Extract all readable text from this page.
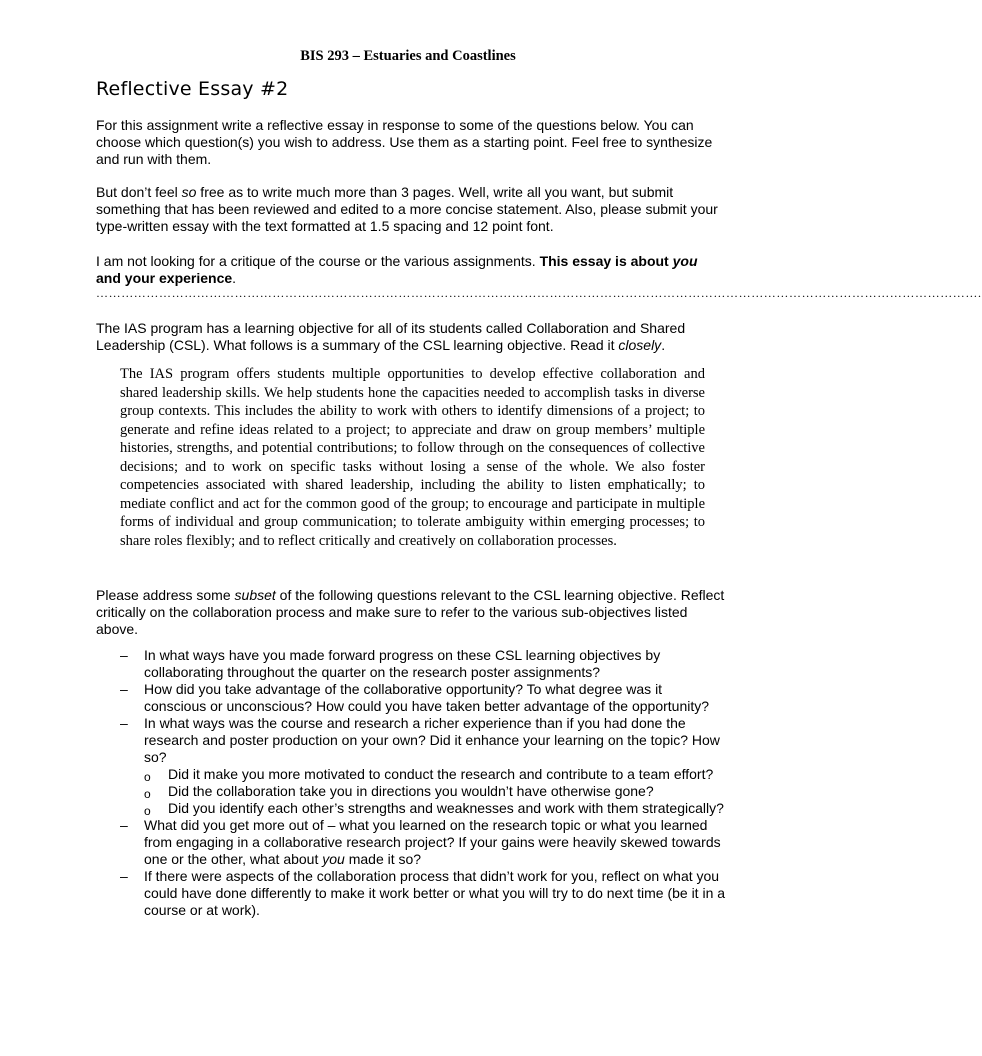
BIS 293 – Estuaries and Coastlines
Reflective Essay #2

For this assignment write a reflective essay in response to some of the questions below. You can choose which question(s) you wish to address. Use them as a starting point. Feel free to synthesize and run with them.

But don’t feel so free as to write much more than 3 pages. Well, write all you want, but submit something that has been reviewed and edited to a more concise statement. Also, please submit your type-written essay with the text formatted at 1.5 spacing and 12 point font.

I am not looking for a critique of the course or the various assignments. This essay is about you and your experience.

………………………………………………………………………………………………………………………………………………………………………………………….

The IAS program has a learning objective for all of its students called Collaboration and Shared Leadership (CSL). What follows is a summary of the CSL learning objective. Read it closely.

The IAS program offers students multiple opportunities to develop effective collaboration and shared leadership skills. We help students hone the capacities needed to accomplish tasks in diverse group contexts. This includes the ability to work with others to identify dimensions of a project; to generate and refine ideas related to a project; to appreciate and draw on group members’ multiple histories, strengths, and potential contributions; to follow through on the consequences of collective decisions; and to work on specific tasks without losing a sense of the whole. We also foster competencies associated with shared leadership, including the ability to listen emphatically; to mediate conflict and act for the common good of the group; to encourage and participate in multiple forms of individual and group communication; to tolerate ambiguity within emerging processes; to share roles flexibly; and to reflect critically and creatively on collaboration processes.

Please address some subset of the following questions relevant to the CSL learning objective. Reflect critically on the collaboration process and make sure to refer to the various sub-objectives listed above.

– In what ways have you made forward progress on these CSL learning objectives by collaborating throughout the quarter on the research poster assignments?

– How did you take advantage of the collaborative opportunity? To what degree was it conscious or unconscious? How could you have taken better advantage of the opportunity?

– In what ways was the course and research a richer experience than if you had done the research and poster production on your own? Did it enhance your learning on the topic? How so?

o Did it make you more motivated to conduct the research and contribute to a team effort?

o Did the collaboration take you in directions you wouldn’t have otherwise gone?

o Did you identify each other’s strengths and weaknesses and work with them strategically?

– What did you get more out of – what you learned on the research topic or what you learned from engaging in a collaborative research project? If your gains were heavily skewed towards one or the other, what about you made it so?

– If there were aspects of the collaboration process that didn’t work for you, reflect on what you could have done differently to make it work better or what you will try to do next time (be it in a course or at work).
